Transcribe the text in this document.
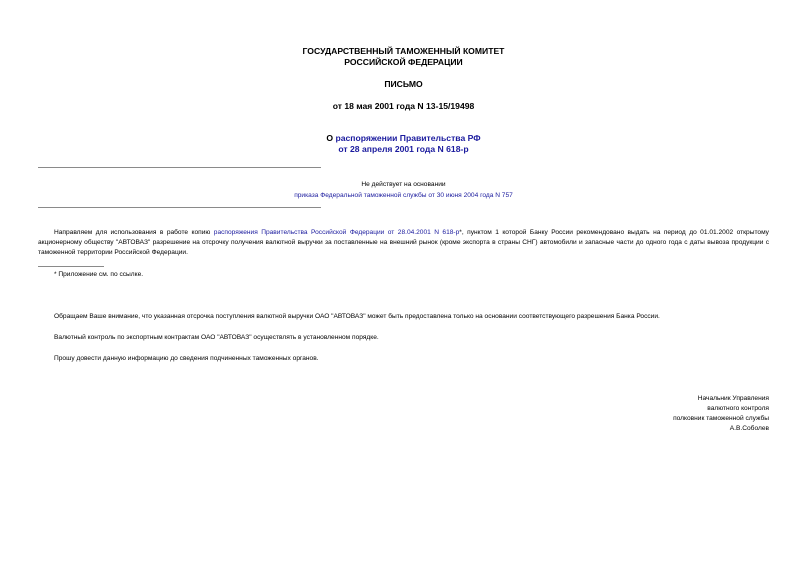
ГОСУДАРСТВЕННЫЙ ТАМОЖЕННЫЙ КОМИТЕТ
РОССИЙСКОЙ ФЕДЕРАЦИИ
ПИСЬМО
от 18 мая 2001 года N 13-15/19498
О распоряжении Правительства РФ
от 28 апреля 2001 года N 618-р
Не действует на основании
приказа Федеральной таможенной службы от 30 июня 2004 года N 757
Направляем для использования в работе копию распоряжения Правительства Российской Федерации от 28.04.2001 N 618-р*, пунктом 1 которой Банку России рекомендовано выдать на период до 01.01.2002 открытому акционерному обществу "АВТОВАЗ" разрешение на отсрочку получения валютной выручки за поставленные на внешний рынок (кроме экспорта в страны СНГ) автомобили и запасные части до одного года с даты вывоза продукции с таможенной территории Российской Федерации.
* Приложение см. по ссылке.
Обращаем Ваше внимание, что указанная отсрочка поступления валютной выручки ОАО "АВТОВАЗ" может быть предоставлена только на основании соответствующего разрешения Банка России.
Валютный контроль по экспортным контрактам ОАО "АВТОВАЗ" осуществлять в установленном порядке.
Прошу довести данную информацию до сведения подчиненных таможенных органов.
Начальник Управления
валютного контроля
полковник таможенной службы
А.В.Соболев
